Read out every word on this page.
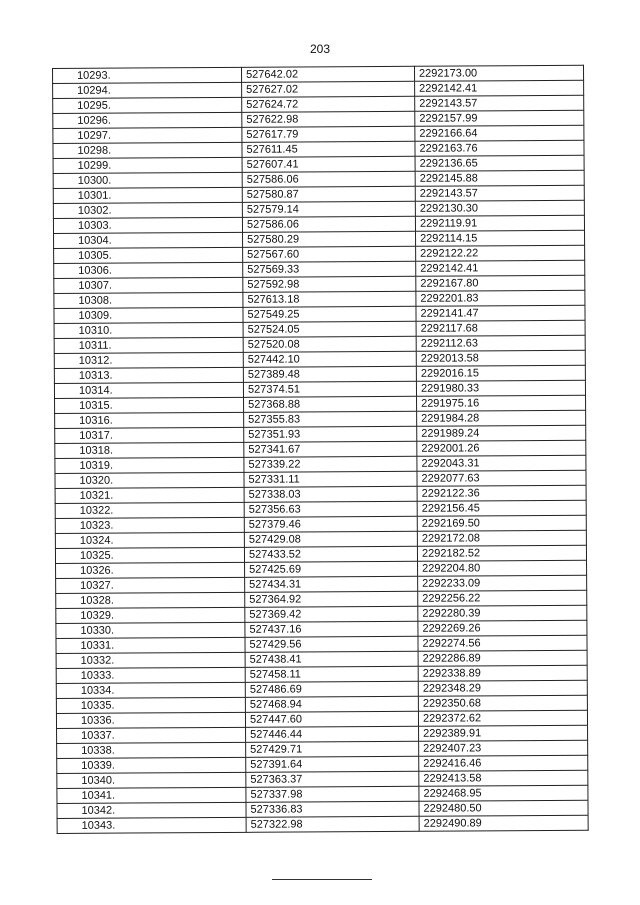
203
10293.	527642.02	2292173.00
10294.	527627.02	2292142.41
10295.	527624.72	2292143.57
10296.	527622.98	2292157.99
10297.	527617.79	2292166.64
10298.	527611.45	2292163.76
10299.	527607.41	2292136.65
10300.	527586.06	2292145.88
10301.	527580.87	2292143.57
10302.	527579.14	2292130.30
10303.	527586.06	2292119.91
10304.	527580.29	2292114.15
10305.	527567.60	2292122.22
10306.	527569.33	2292142.41
10307.	527592.98	2292167.80
10308.	527613.18	2292201.83
10309.	527549.25	2292141.47
10310.	527524.05	2292117.68
10311.	527520.08	2292112.63
10312.	527442.10	2292013.58
10313.	527389.48	2292016.15
10314.	527374.51	2291980.33
10315.	527368.88	2291975.16
10316.	527355.83	2291984.28
10317.	527351.93	2291989.24
10318.	527341.67	2292001.26
10319.	527339.22	2292043.31
10320.	527331.11	2292077.63
10321.	527338.03	2292122.36
10322.	527356.63	2292156.45
10323.	527379.46	2292169.50
10324.	527429.08	2292172.08
10325.	527433.52	2292182.52
10326.	527425.69	2292204.80
10327.	527434.31	2292233.09
10328.	527364.92	2292256.22
10329.	527369.42	2292280.39
10330.	527437.16	2292269.26
10331.	527429.56	2292274.56
10332.	527438.41	2292286.89
10333.	527458.11	2292338.89
10334.	527486.69	2292348.29
10335.	527468.94	2292350.68
10336.	527447.60	2292372.62
10337.	527446.44	2292389.91
10338.	527429.71	2292407.23
10339.	527391.64	2292416.46
10340.	527363.37	2292413.58
10341.	527337.98	2292468.95
10342.	527336.83	2292480.50
10343.	527322.98	2292490.89
